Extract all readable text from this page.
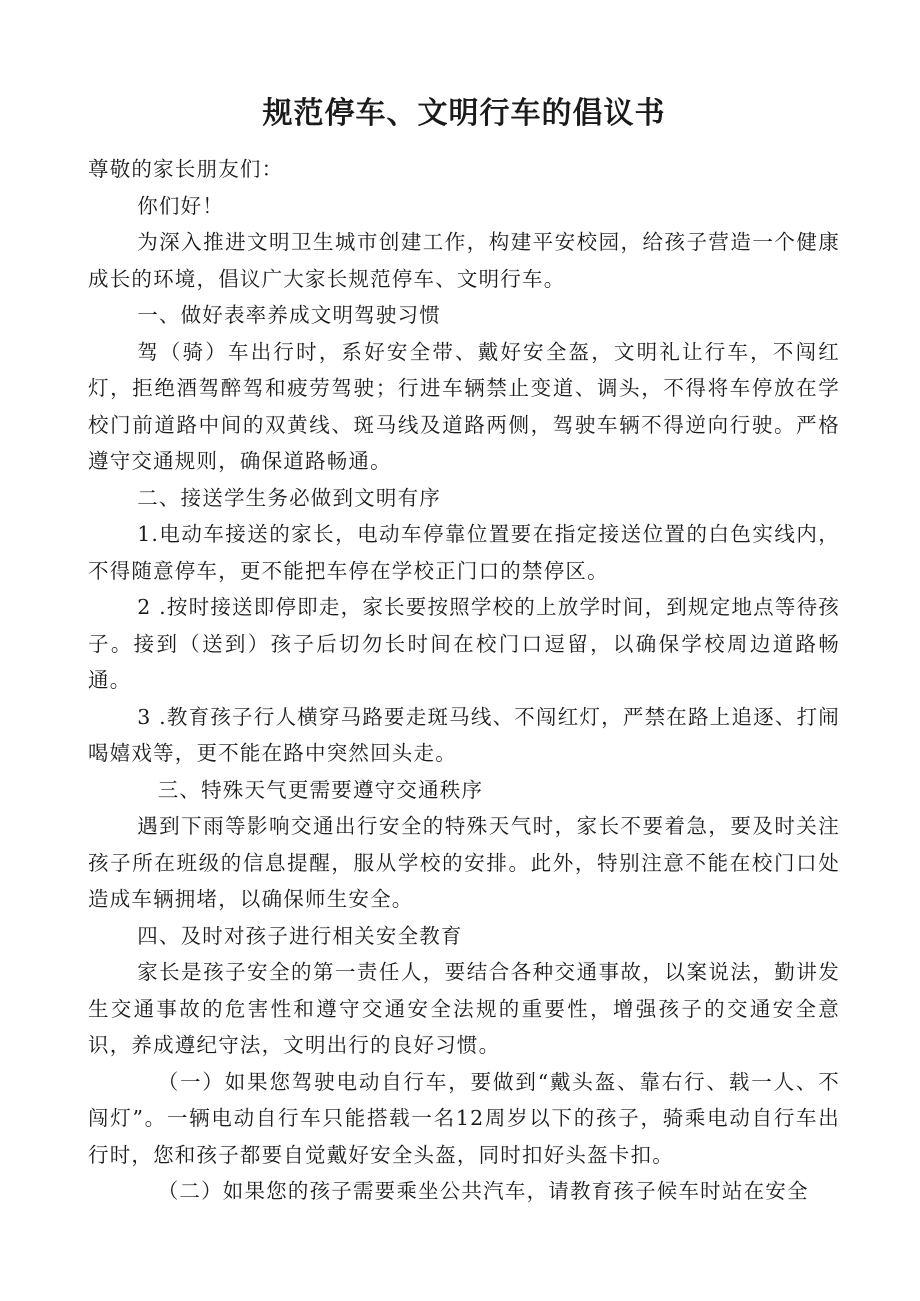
规范停车、文明行车的倡议书

尊敬的家长朋友们：

你们好！

为深入推进文明卫生城市创建工作，构建平安校园，给孩子营造一个健康成长的环境，倡议广大家长规范停车、文明行车。

一、做好表率养成文明驾驶习惯

驾（骑）车出行时，系好安全带、戴好安全盔，文明礼让行车，不闯红灯，拒绝酒驾醉驾和疲劳驾驶；行进车辆禁止变道、调头，不得将车停放在学校门前道路中间的双黄线、斑马线及道路两侧，驾驶车辆不得逆向行驶。严格遵守交通规则，确保道路畅通。

二、接送学生务必做到文明有序

1.电动车接送的家长，电动车停靠位置要在指定接送位置的白色实线内，不得随意停车，更不能把车停在学校正门口的禁停区。

2 .按时接送即停即走，家长要按照学校的上放学时间，到规定地点等待孩子。接到（送到）孩子后切勿长时间在校门口逗留，以确保学校周边道路畅通。

3 .教育孩子行人横穿马路要走斑马线、不闯红灯，严禁在路上追逐、打闹喝嬉戏等，更不能在路中突然回头走。

三、特殊天气更需要遵守交通秩序

遇到下雨等影响交通出行安全的特殊天气时，家长不要着急，要及时关注孩子所在班级的信息提醒，服从学校的安排。此外，特别注意不能在校门口处造成车辆拥堵，以确保师生安全。

四、及时对孩子进行相关安全教育

家长是孩子安全的第一责任人，要结合各种交通事故，以案说法，勤讲发生交通事故的危害性和遵守交通安全法规的重要性，增强孩子的交通安全意识，养成遵纪守法，文明出行的良好习惯。

（一）如果您驾驶电动自行车，要做到“戴头盔、靠右行、载一人、不闯灯”。一辆电动自行车只能搭载一名12周岁以下的孩子，骑乘电动自行车出行时，您和孩子都要自觉戴好安全头盔，同时扣好头盔卡扣。

（二）如果您的孩子需要乘坐公共汽车，请教育孩子候车时站在安全
